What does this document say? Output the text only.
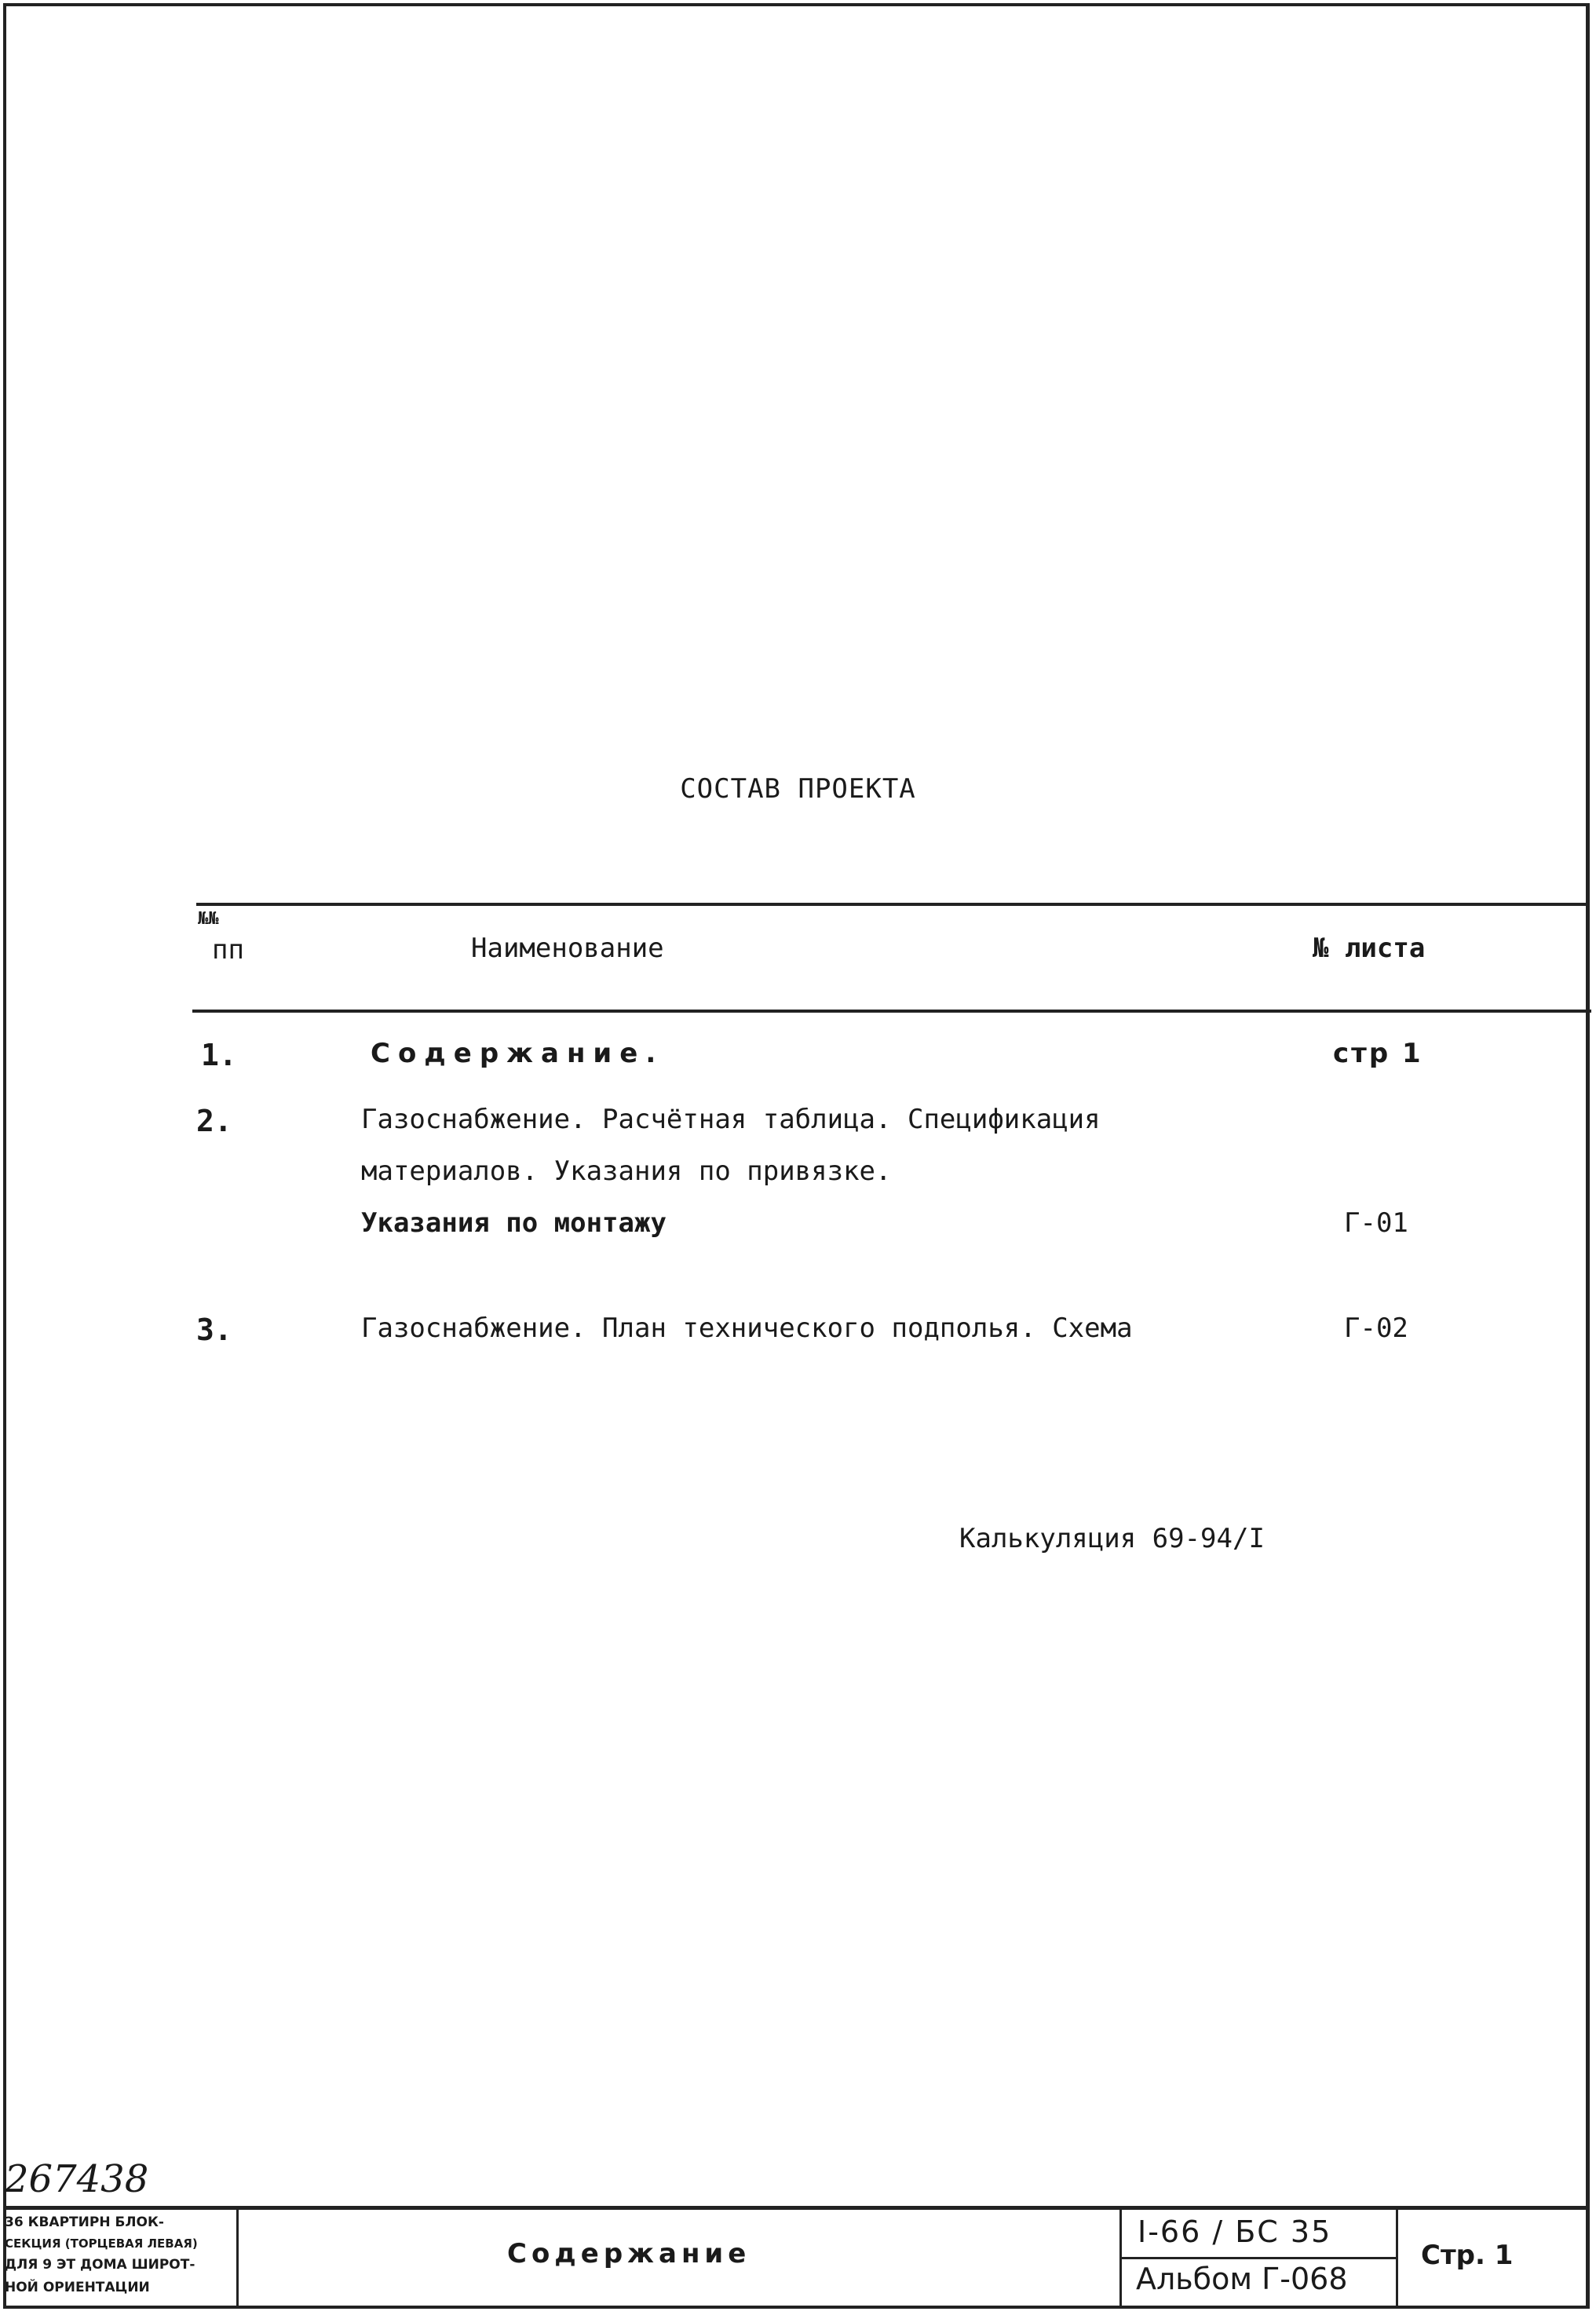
СОСТАВ ПРОЕКТА
№№
пп	Наименование	№ листа
1.	Содержание.	стр 1
2.	Газоснабжение. Расчётная таблица. Спецификация
материалов. Указания по привязке.
Указания по монтажу	Г-01
3.	Газоснабжение. План технического подполья. Схема	Г-02
Калькуляция 69-94/I
267438
36 КВАРТИРН БЛОК-
СЕКЦИЯ (ТОРЦЕВАЯ ЛЕВАЯ)
ДЛЯ 9 ЭТ ДОМА ШИРОТ-
НОЙ ОРИЕНТАЦИИ
Содержание
I-66 / БС 35
Альбом Г-068
Стр. 1
